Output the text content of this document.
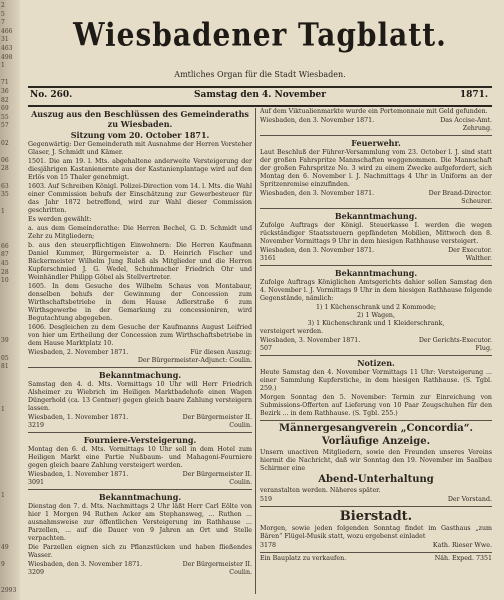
2
5
7
466
31
463
498
1
71
36
82
69
55
57
02
06
28
63
35
1
66
87
45
28
10
39
05
81
1
1
49
9
2993
Wiesbadener Tagblatt.
Amtliches Organ für die Stadt Wiesbaden.
No. 260.	Samstag den 4. November	1871.
Auszug aus den Beschlüssen des Gemeinderaths zu Wiesbaden.
Sitzung vom 20. October 1871.
Gegenwärtig: Der Gemeinderath mit Ausnahme der Herren Vorsteher Glaser, J. Schmidt und Kämer.
1501. Die am 19. l. Mts. abgehaltene anderweite Versteigerung der diesjährigen Kastanienernte aus der Kastanienplantage wird auf den Erlös von 15 Thaler genehmigt.
1603. Auf Schreiben Königl. Polizei-Direction vom 14. l. Mts. die Wahl einer Commission behufs der Einschätzung zur Gewerbesteuer für das Jahr 1872 betreffend, wird zur Wahl dieser Commission geschritten.
Es werden gewählt:
a. aus dem Gemeinderathe: Die Herren Bechel, G. D. Schmidt und Zehr zu Mitgliedern;
b. aus den steuerpflichtigen Einwohnern: Die Herren Kaufmann Daniel Kummer, Bürgermeister a. D. Heinrich Fischer und Bäckermeister Wilhelm Jung Ruleß als Mitglieder und die Herren Kupferschmied J. G. Wedel, Schuhmacher Friedrich Ohr und Weinhändler Philipp Göbel als Stellvertreter.
1605. In dem Gesuche des Wilhelm Schaus von Montabaur, denselben behufs der Gewinnung der Concession zum Wirthschaftsbetriebe in dem Hause Adlerstraße 6 zum Wirthsgewerbe in der Gemarkung zu concessioniren, wird Begutachtung abgegeben.
1606. Desgleichen zu dem Gesuche der Kaufmanns August Leifried von hier um Ertheilung der Concession zum Wirthschaftsbetriebe in dem Hause Marktplatz 10.
Wiesbaden, 2. November 1871.	Für diesen Auszug:
Der Bürgermeister-Adjunct: Coulin.
Bekanntmachung.
Samstag den 4. d. Mts. Vormittags 10 Uhr will Herr Friedrich Alsheimer zu Wiebrich im Heiligen Marktbadehofe einen Wagen Düngerhold (ca. 13 Centner) gegen gleich baare Zahlung versteigern lassen.
Wiesbaden, 1. November 1871.	Der Bürgermeister II.
3219	Coulin.
Fourniere-Versteigerung.
Montag den 6. d. Mts. Vormittags 10 Uhr soll in dem Hotel zum Heiligen Markt eine Partie Nußbaum- und Mahagoni-Fourniere gegen gleich baare Zahlung versteigert werden.
Wiesbaden, 1. November 1871.	Der Bürgermeister II.
3091	Coulin.
Bekanntmachung.
Dienstag den 7. d. Mts. Nachmittags 2 Uhr läßt Herr Carl Eölte von hier 1 Morgen 94 Ruthen Acker am Stephansweg, ... Ruthen ... ausnahmsweise zur öffentlichen Versteigerung im Rathhause ... Parzellen, ... auf die Dauer von 9 Jahren an Ort und Stelle verpachten.
Die Parzellen eignen sich zu Pflanzstücken und haben fließendes Wasser.
Wiesbaden, den 3. November 1871.	Der Bürgermeister II.
3209	Coulin.
Auf dem Viktualienmarkte wurde ein Portemonnaie mit Geld gefunden.
Wiesbaden, den 3. November 1871.	Das Accise-Amt.
Zehrung.
Feuerwehr.
Laut Beschluß der Führer-Versammlung vom 23. October l. J. sind statt der großen Fahrspritze Mannschaften weggenommen. Die Mannschaft der großen Fahrspritze No. 3 wird zu einem Zwecke aufgefordert, sich Montag den 6. November l. J. Nachmittags 4 Uhr in Uniform an der Spritzenremise einzufinden.
Wiesbaden, den 3. November 1871.	Der Brand-Director.
Scheurer.
Bekanntmachung.
Zufolge Auftrags der Königl. Steuerkasse I. werden die wegen rückständiger Staatssteuern gepfändeten Mobilien, Mittwoch den 8. November Vormittags 9 Uhr in dem hiesigen Rathhause versteigert.
Wiesbaden, den 3. November 1871.	Der Executor.
3161	Walther.
Bekanntmachung.
Zufolge Auftrags Königlichen Amtsgerichts dahier sollen Samstag den 4. November l. J. Vormittags 9 Uhr in dem hiesigen Rathhause folgende Gegenstände, nämlich:
1) 1 Küchenschrank und 2 Kommode;
2) 1 Wagen,
3) 1 Küchenschrank und 1 Kleiderschrank,
versteigert werden.
Wiesbaden, 3. November 1871.	Der Gerichts-Executor.
507	Flug.
Notizen.
Heute Samstag den 4. November Vormittags 11 Uhr: Versteigerung ... einer Sammlung Kupferstiche, in dem hiesigen Rathhause. (S. Tgbl. 259.)
Morgen Sonntag den 5. November: Termin zur Einreichung von Submissions-Offerten auf Lieferung von 10 Paar Zeugschuhen für den Bezirk ... in dem Rathhause. (S. Tgbl. 255.)
Männergesangverein „Concordia“.
Vorläufige Anzeige.
Unsern unactiven Mitgliedern, sowie den Freunden unseres Vereins hiermit die Nachricht, daß wir Sonntag den 19. November im Saalbau Schirmer eine
Abend-Unterhaltung
veranstalten werden. Näheres später.
519	Der Vorstand.
Bierstadt.
Morgen, sowie jeden folgenden Sonntag findet im Gasthaus „zum Bären“ Flügel-Musik statt, wozu ergebenst einladet
3178	Kath. Rieser Wwe.
Ein Bauplatz zu verkaufen.	Näh. Exped. 7351
